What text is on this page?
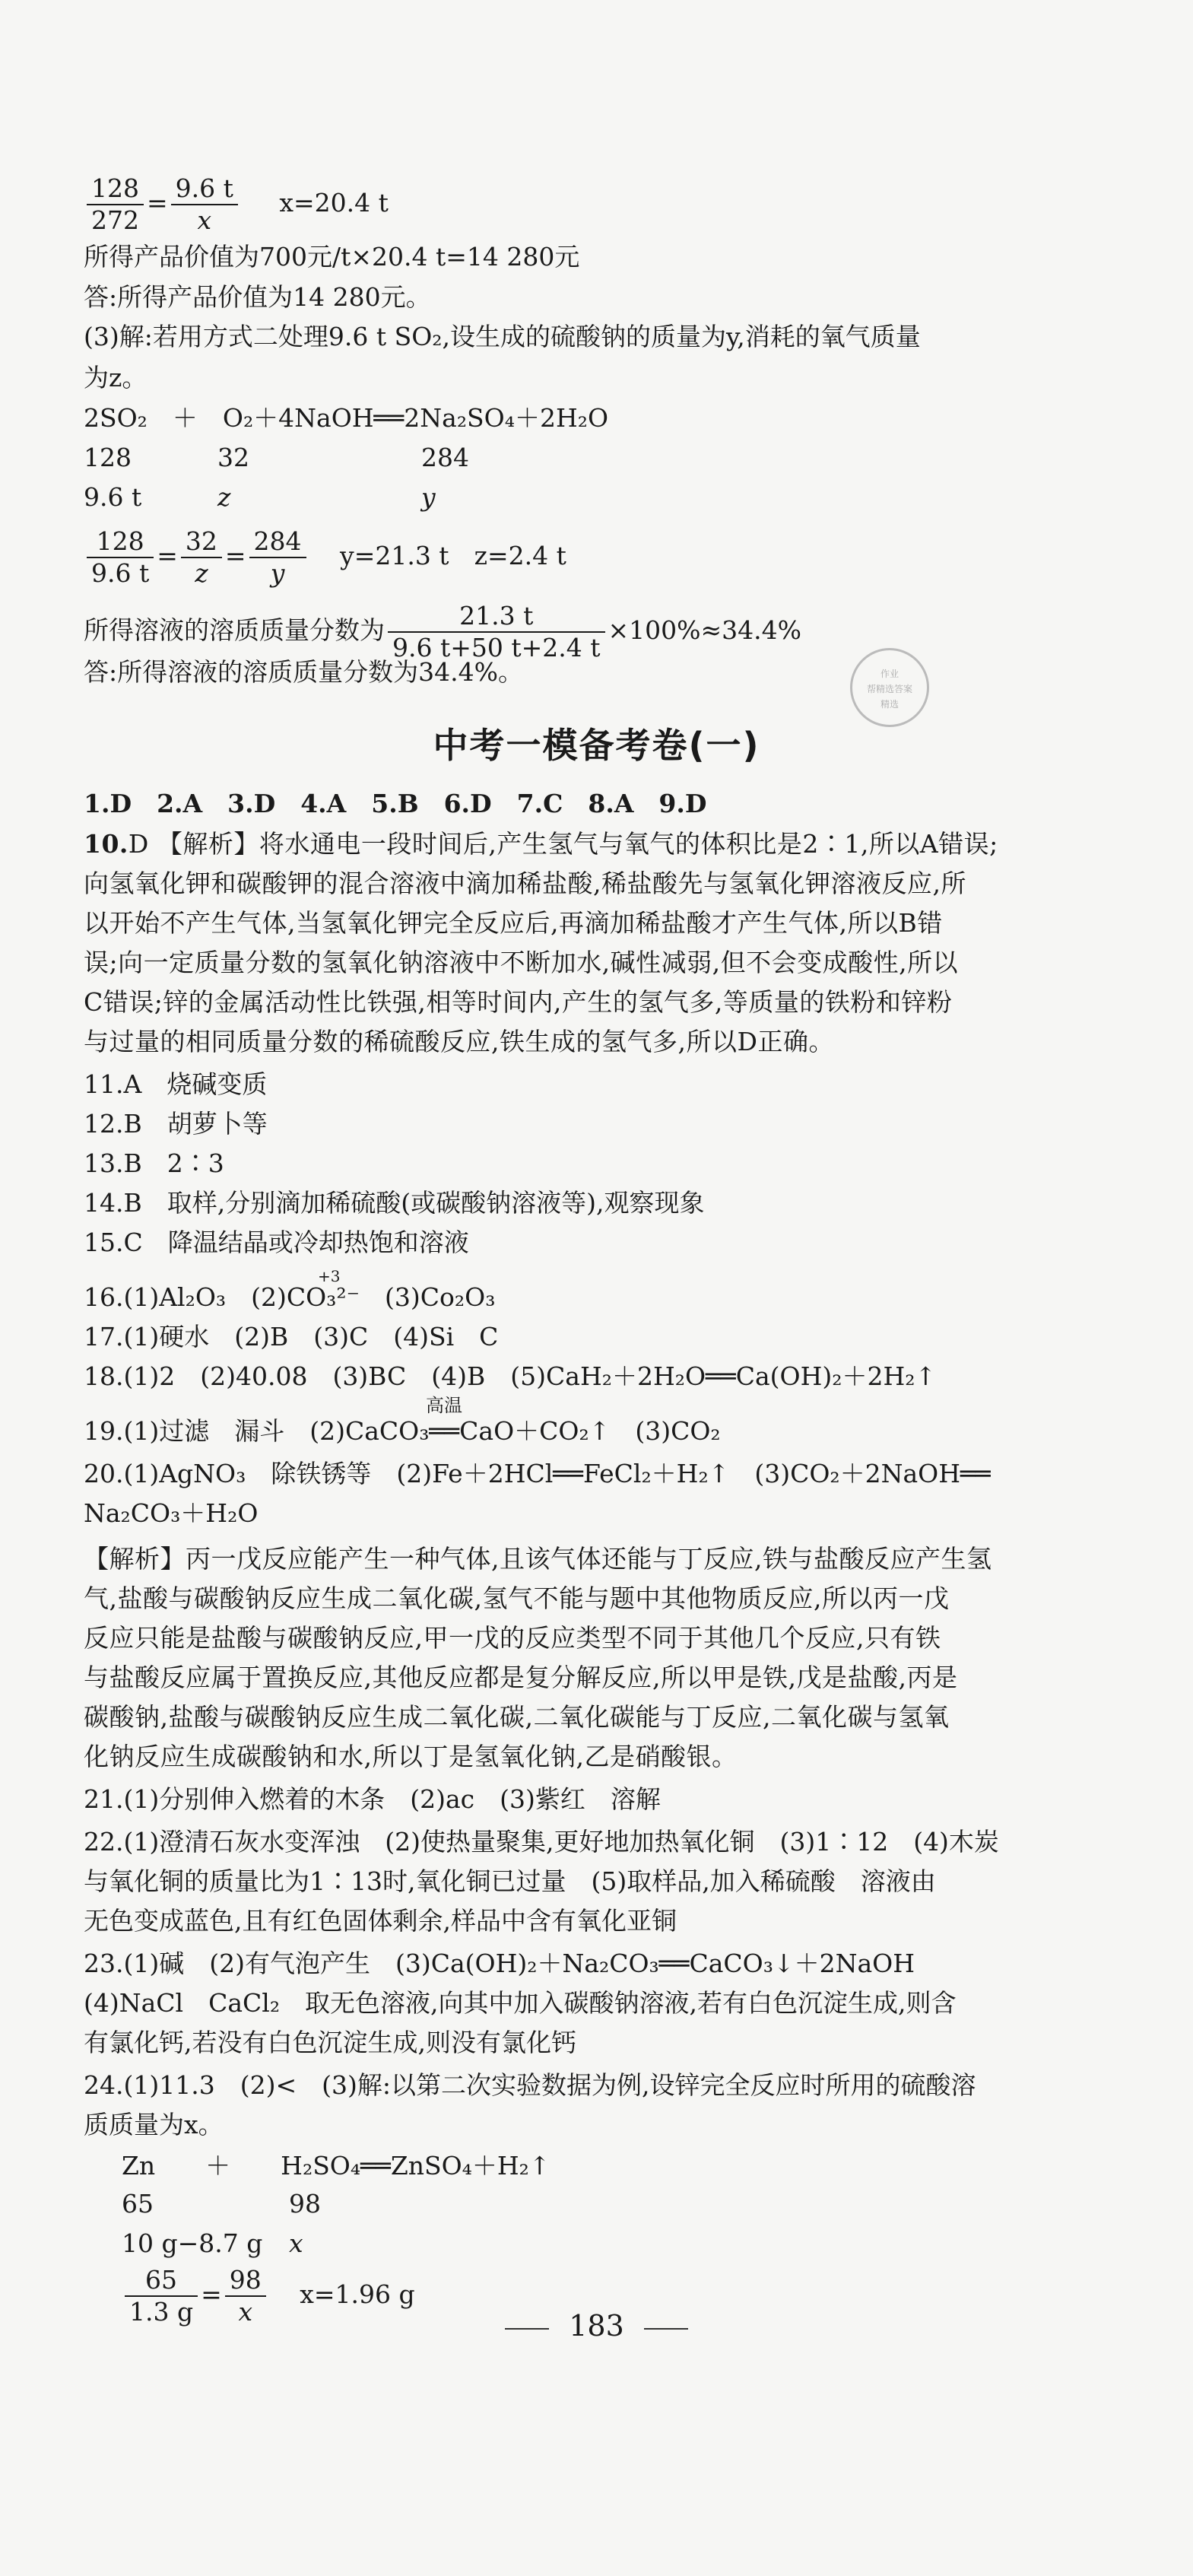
$\frac{128}{272} = \frac{9.6 t}{x} x=20.4$ t
所得产品价值为700元/t×20.4 t=14 280元
答:所得产品价值为14 280元。
(3)解:若用方式二处理9.6 t SO₂,设生成的硫酸钠的质量为y,消耗的氧气质量
为z。
2SO₂　＋　O₂＋4NaOH══2Na₂SO₄＋2H₂O
128	32	284
9.6 t	z	y
$\frac{128}{9.6 t} = \frac{32}{z} = \frac{284}{y} y=21.3$ t　z=2.4 t
所得溶液的溶质质量分数为 $\frac{21.3 t}{9.6 t+50 t+2.4 t} \times 100\%\approx 34.4\%$
答:所得溶液的溶质质量分数为34.4%。	作业
帮精选答案
精选
中考一模备考卷(一)
1.D　2.A　3.D　4.A　5.B　6.D　7.C　8.A　9.D
10.D 【解析】将水通电一段时间后,产生氢气与氧气的体积比是2∶1,所以A错误;
向氢氧化钾和碳酸钾的混合溶液中滴加稀盐酸,稀盐酸先与氢氧化钾溶液反应,所
以开始不产生气体,当氢氧化钾完全反应后,再滴加稀盐酸才产生气体,所以B错
误;向一定质量分数的氢氧化钠溶液中不断加水,碱性减弱,但不会变成酸性,所以
C错误;锌的金属活动性比铁强,相等时间内,产生的氢气多,等质量的铁粉和锌粉
与过量的相同质量分数的稀硫酸反应,铁生成的氢气多,所以D正确。
11.A　烧碱变质
12.B　胡萝卜等
13.B　2∶3
14.B　取样,分别滴加稀硫酸(或碳酸钠溶液等),观察现象
15.C　降温结晶或冷却热饱和溶液
+3
16.(1)Al₂O₃　(2)CO₃²⁻　(3)Co₂O₃
17.(1)硬水　(2)B　(3)C　(4)Si　C
18.(1)2　(2)40.08　(3)BC　(4)B　(5)CaH₂＋2H₂O══Ca(OH)₂＋2H₂↑
高温
19.(1)过滤　漏斗　(2)CaCO₃══CaO＋CO₂↑　(3)CO₂
20.(1)AgNO₃　除铁锈等　(2)Fe＋2HCl══FeCl₂＋H₂↑　(3)CO₂＋2NaOH══
Na₂CO₃＋H₂O
【解析】丙一戊反应能产生一种气体,且该气体还能与丁反应,铁与盐酸反应产生氢
气,盐酸与碳酸钠反应生成二氧化碳,氢气不能与题中其他物质反应,所以丙一戊
反应只能是盐酸与碳酸钠反应,甲一戊的反应类型不同于其他几个反应,只有铁
与盐酸反应属于置换反应,其他反应都是复分解反应,所以甲是铁,戊是盐酸,丙是
碳酸钠,盐酸与碳酸钠反应生成二氧化碳,二氧化碳能与丁反应,二氧化碳与氢氧
化钠反应生成碳酸钠和水,所以丁是氢氧化钠,乙是硝酸银。
21.(1)分别伸入燃着的木条　(2)ac　(3)紫红　溶解
22.(1)澄清石灰水变浑浊　(2)使热量聚集,更好地加热氧化铜　(3)1∶12　(4)木炭
与氧化铜的质量比为1∶13时,氧化铜已过量　(5)取样品,加入稀硫酸　溶液由
无色变成蓝色,且有红色固体剩余,样品中含有氧化亚铜
23.(1)碱　(2)有气泡产生　(3)Ca(OH)₂＋Na₂CO₃══CaCO₃↓＋2NaOH
(4)NaCl　CaCl₂　取无色溶液,向其中加入碳酸钠溶液,若有白色沉淀生成,则含
有氯化钙,若没有白色沉淀生成,则没有氯化钙
24.(1)11.3　(2)<　(3)解:以第二次实验数据为例,设锌完全反应时所用的硫酸溶
质质量为x。
Zn　　＋　　H₂SO₄══ZnSO₄＋H₂↑
65	98
10 g−8.7 g x
$\frac{65}{1.3 g} = \frac{98}{x} x=1.96$ g
183
